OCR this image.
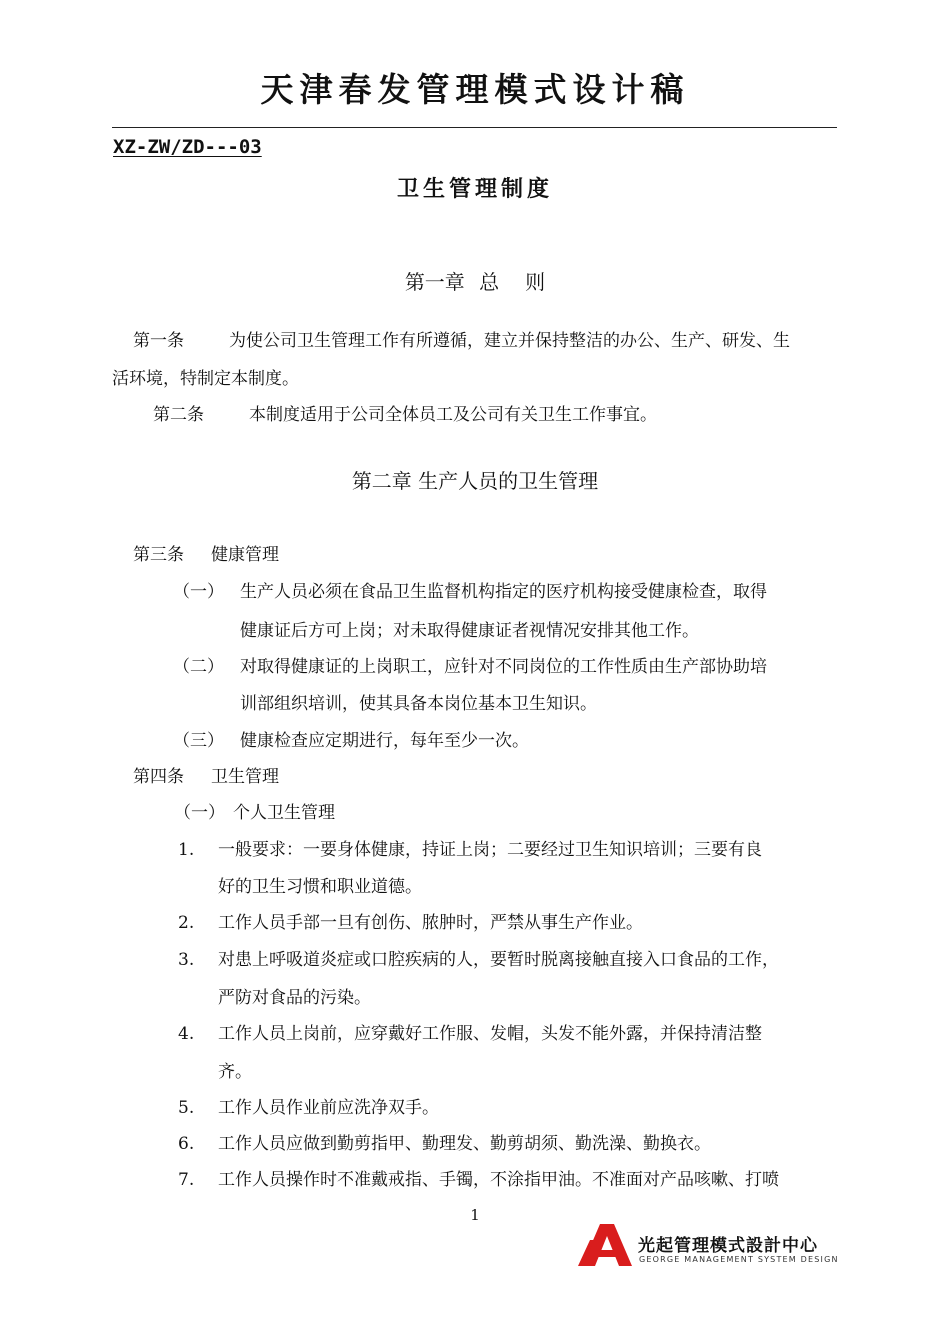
天津春发管理模式设计稿
XZ-ZW/ZD---03
卫生管理制度
第一章 总 则
第一条	为使公司卫生管理工作有所遵循，建立并保持整洁的办公、生产、研发、生
活环境，特制定本制度。
第二条	本制度适用于公司全体员工及公司有关卫生工作事宜。
第二章 生产人员的卫生管理
第三条 健康管理
（一） 生产人员必须在食品卫生监督机构指定的医疗机构接受健康检查，取得
健康证后方可上岗；对未取得健康证者视情况安排其他工作。
（二） 对取得健康证的上岗职工，应针对不同岗位的工作性质由生产部协助培
训部组织培训，使其具备本岗位基本卫生知识。
（三） 健康检查应定期进行，每年至少一次。
第四条 卫生管理
（一） 个人卫生管理
1. 一般要求：一要身体健康，持证上岗；二要经过卫生知识培训；三要有良
好的卫生习惯和职业道德。
2. 工作人员手部一旦有创伤、脓肿时，严禁从事生产作业。
3. 对患上呼吸道炎症或口腔疾病的人，要暂时脱离接触直接入口食品的工作，
严防对食品的污染。
4. 工作人员上岗前，应穿戴好工作服、发帽，头发不能外露，并保持清洁整
齐。
5. 工作人员作业前应洗净双手。
6. 工作人员应做到勤剪指甲、勤理发、勤剪胡须、勤洗澡、勤换衣。
7. 工作人员操作时不准戴戒指、手镯，不涂指甲油。不准面对产品咳嗽、打喷
1
光起管理模式設計中心
GEORGE MANAGEMENT SYSTEM DESIGN
